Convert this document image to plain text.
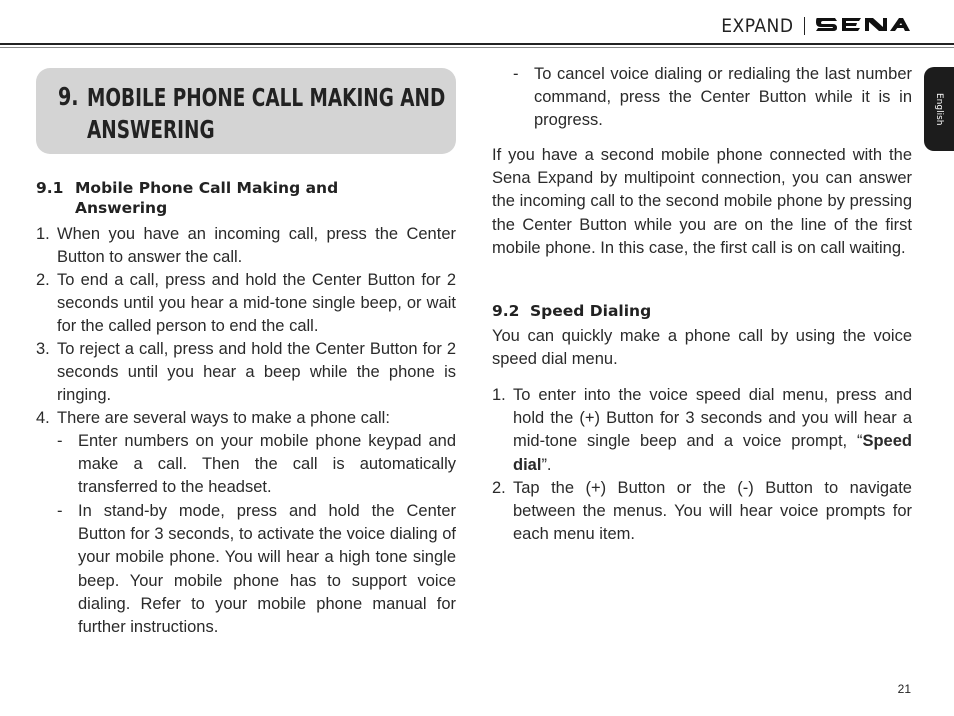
EXPAND
English
9. MOBILE PHONE CALL MAKING AND ANSWERING
9.1 Mobile Phone Call Making and Answering
1. When you have an incoming call, press the Center Button to answer the call.
2. To end a call, press and hold the Center Button for 2 seconds until you hear a mid-tone single beep, or wait for the called person to end the call.
3. To reject a call, press and hold the Center Button for 2 seconds until you hear a beep while the phone is ringing.
4. There are several ways to make a phone call:
- Enter numbers on your mobile phone keypad and make a call. Then the call is automatically transferred to the headset.
- In stand-by mode, press and hold the Center Button for 3 seconds, to activate the voice dialing of your mobile phone. You will hear a high tone single beep. Your mobile phone has to support voice dialing. Refer to your mobile phone manual for further instructions.
- To cancel voice dialing or redialing the last number command, press the Center Button while it is in progress.

If you have a second mobile phone connected with the Sena Expand by multipoint connection, you can answer the incoming call to the second mobile phone by pressing the Center Button while you are on the line of the first mobile phone. In this case, the first call is on call waiting.

9.2 Speed Dialing

You can quickly make a phone call by using the voice speed dial menu.

1. To enter into the voice speed dial menu, press and hold the (+) Button for 3 seconds and you will hear a mid-tone single beep and a voice prompt, “Speed dial”.
2. Tap the (+) Button or the (-) Button to navigate between the menus. You will hear voice prompts for each menu item.
21
